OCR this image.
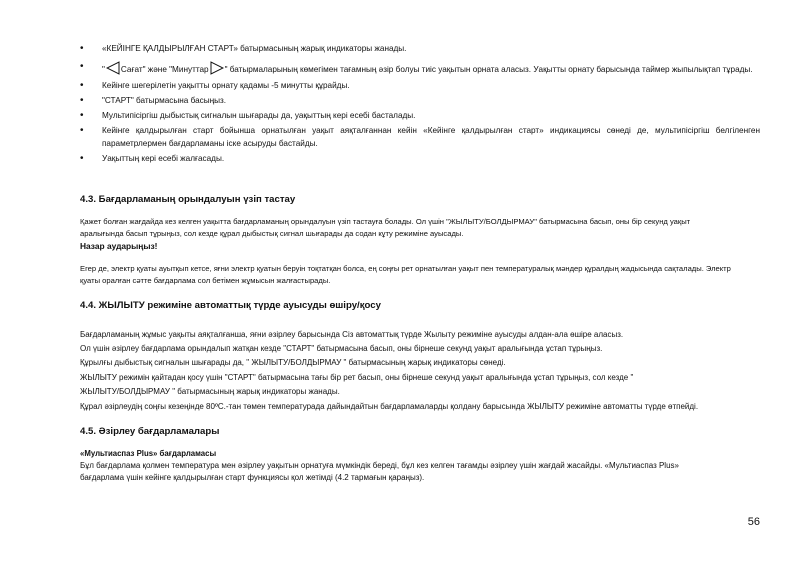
• «КЕЙІНГЕ ҚАЛДЫРЫЛҒАН СТАРТ» батырмасының жарық индикаторы жанады.
• " Сағат" және "Минуттар " батырмаларының көмегімен тағамның әзір болуы тиіс уақытын орната аласыз. Уақытты орнату барысында таймер жыпылықтап тұрады.
• Кейінге шегерілетін уақытты орнату қадамы -5 минутты құрайды.
• "СТАРТ" батырмасына басыңыз.
• Мультипісіргіш дыбыстық сигналын шығарады да, уақыттың кері есебі басталады.
• Кейінге қалдырылған старт бойынша орнатылған уақыт аяқталғаннан кейін «Кейінге қалдырылған старт» индикациясы сөнеді де, мультипісіргіш белгіленген параметрлермен бағдарламаны іске асыруды бастайды.
• Уақыттың кері есебі жалғасады.
4.3. Бағдарламаның орындалуын үзіп тастау
Қажет болған жағдайда кез келген уақытта бағдарламаның орындалуын үзіп тастауға болады. Ол үшін "ЖЫЛЫТУ/БОЛДЫРМАУ" батырмасына басып, оны бір секунд уақыт
аралығында басып тұрыңыз, сол кезде құрал дыбыстық сигнал шығарады да содан кұту режиміне ауысады.
Назар аударыңыз!
Егер де, электр қуаты ауытқып кетсе, яғни электр қуатын беруін тоқтатқан болса, ең соңғы рет орнатылған уақыт пен температуралық мәндер құралдың жадысында сақталады. Электр
қуаты оралған сәтте бағдарлама сол бетімен жұмысын жалғастырады.
4.4. ЖЫЛЫТУ режиміне автоматтық түрде ауысуды өшіру/қосу
Бағдарламаның жұмыс уақыты аяқталғанша, яғни әзірлеу барысында Сіз автоматтық түрде Жылыту режиміне ауысуды алдан-ала өшіре аласыз.
Ол үшін әзірлеу бағдарлама орындалып жатқан кезде "СТАРТ" батырмасына басып, оны бірнеше секунд уақыт аралығында ұстап тұрыңыз.
Құрылғы дыбыстық сигналын шығарады да, " ЖЫЛЫТУ/БОЛДЫРМАУ " батырмасының жарық индикаторы сөнеді.
ЖЫЛЫТУ режимін қайтадан қосу үшін "СТАРТ" батырмасына тағы бір рет басып, оны бірнеше секунд уақыт аралығында ұстап тұрыңыз, сол кезде "
ЖЫЛЫТУ/БОЛДЫРМАУ " батырмасының жарық индикаторы жанады.
Құрал әзірлеудің соңғы кезеңінде 80ºС.-тан төмен температурада дайындайтын бағдарламаларды қолдану барысында ЖЫЛЫТУ режиміне автоматты түрде өтпейді.
4.5. Әзірлеу бағдарламалары
«Мультиаспаз Plus» бағдарламасы
Бұл бағдарлама қолмен температура мен әзірлеу уақытын орнатуға мүмкіндік береді, бұл кез келген тағамды әзірлеу үшін жағдай жасайды. «Мультиаспаз Plus»
бағдарлама үшін кейінге қалдырылған старт функциясы қол жетімді (4.2 тармағын қараңыз).
56
